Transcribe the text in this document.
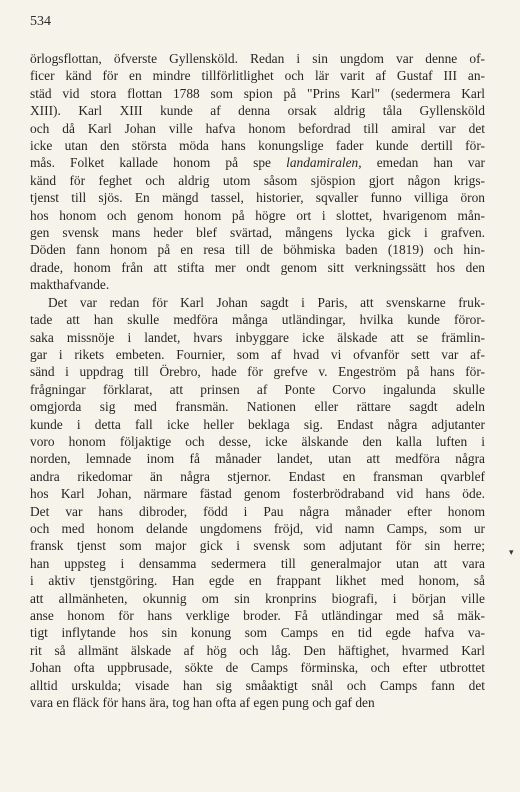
534
örlogsflottan, öfverste Gyllensköld. Redan i sin ungdom var denne of-
ficer känd för en mindre tillförlitlighet och lär varit af Gustaf III an-
städ vid stora flottan 1788 som spion på "Prins Karl" (sedermera Karl
XIII). Karl XIII kunde af denna orsak aldrig tåla Gyllensköld
och då Karl Johan ville hafva honom befordrad till amiral var det
icke utan den största möda hans konungslige fader kunde dertill för-
mås. Folket kallade honom på spe landamiralen, emedan han var
känd för feghet och aldrig utom såsom sjöspion gjort någon krigs-
tjenst till sjös. En mängd tassel, historier, sqvaller funno villiga öron
hos honom och genom honom på högre ort i slottet, hvarigenom mån-
gen svensk mans heder blef svärtad, mångens lycka gick i grafven.
Döden fann honom på en resa till de böhmiska baden (1819) och hin-
drade, honom från att stifta mer ondt genom sitt verkningssätt hos den
makthafvande.
Det var redan för Karl Johan sagdt i Paris, att svenskarne fruk-
tade att han skulle medföra många utländingar, hvilka kunde föror-
saka missnöje i landet, hvars inbyggare icke älskade att se främlin-
gar i rikets embeten. Fournier, som af hvad vi ofvanför sett var af-
sänd i uppdrag till Örebro, hade för grefve v. Engeström på hans för-
frågningar förklarat, att prinsen af Ponte Corvo ingalunda skulle
omgjorda sig med fransmän. Nationen eller rättare sagdt adeln
kunde i detta fall icke heller beklaga sig. Endast några adjutanter
voro honom följaktige och desse, icke älskande den kalla luften i
norden, lemnade inom få månader landet, utan att medföra några
andra rikedomar än några stjernor. Endast en fransman qvarblef
hos Karl Johan, närmare fästad genom fosterbrödraband vid hans öde.
Det var hans dibroder, född i Pau några månader efter honom
och med honom delande ungdomens fröjd, vid namn Camps, som ur
fransk tjenst som major gick i svensk som adjutant för sin herre;
han uppsteg i densamma sedermera till generalmajor utan att vara
i aktiv tjenstgöring. Han egde en frappant likhet med honom, så
att allmänheten, okunnig om sin kronprins biografi, i början ville
anse honom för hans verklige broder. Få utländingar med så mäk-
tigt inflytande hos sin konung som Camps en tid egde hafva va-
rit så allmänt älskade af hög och låg. Den häftighet, hvarmed Karl
Johan ofta uppbrusade, sökte de Camps förminska, och efter utbrottet
alltid urskulda; visade han sig småaktigt snål och Camps fann det
vara en fläck för hans ära, tog han ofta af egen pung och gaf den
▾
